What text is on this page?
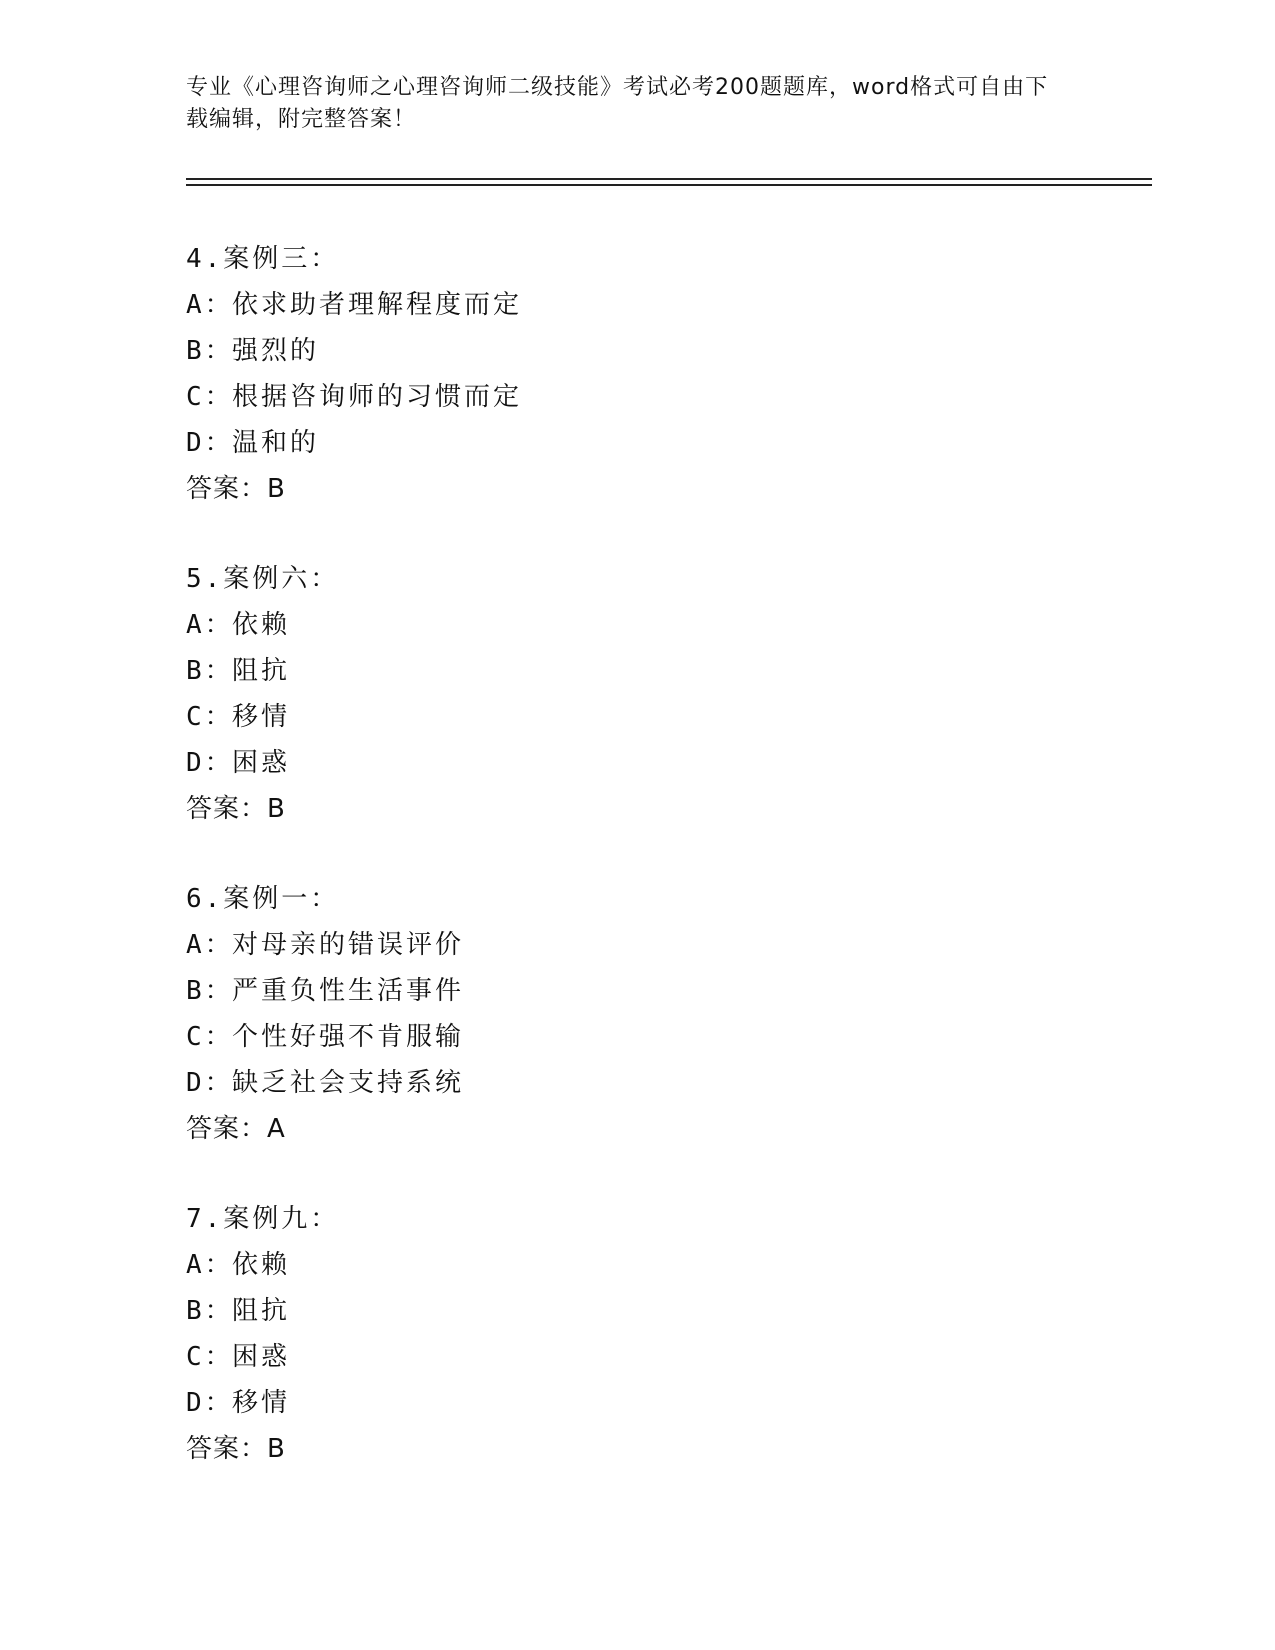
专业《心理咨询师之心理咨询师二级技能》考试必考200题题库，word格式可自由下载编辑，附完整答案！
4.案例三：
A：依求助者理解程度而定
B：强烈的
C：根据咨询师的习惯而定
D：温和的
答案：B
5.案例六：
A：依赖
B：阻抗
C：移情
D：困惑
答案：B
6.案例一：
A：对母亲的错误评价
B：严重负性生活事件
C：个性好强不肯服输
D：缺乏社会支持系统
答案：A
7.案例九：
A：依赖
B：阻抗
C：困惑
D：移情
答案：B
